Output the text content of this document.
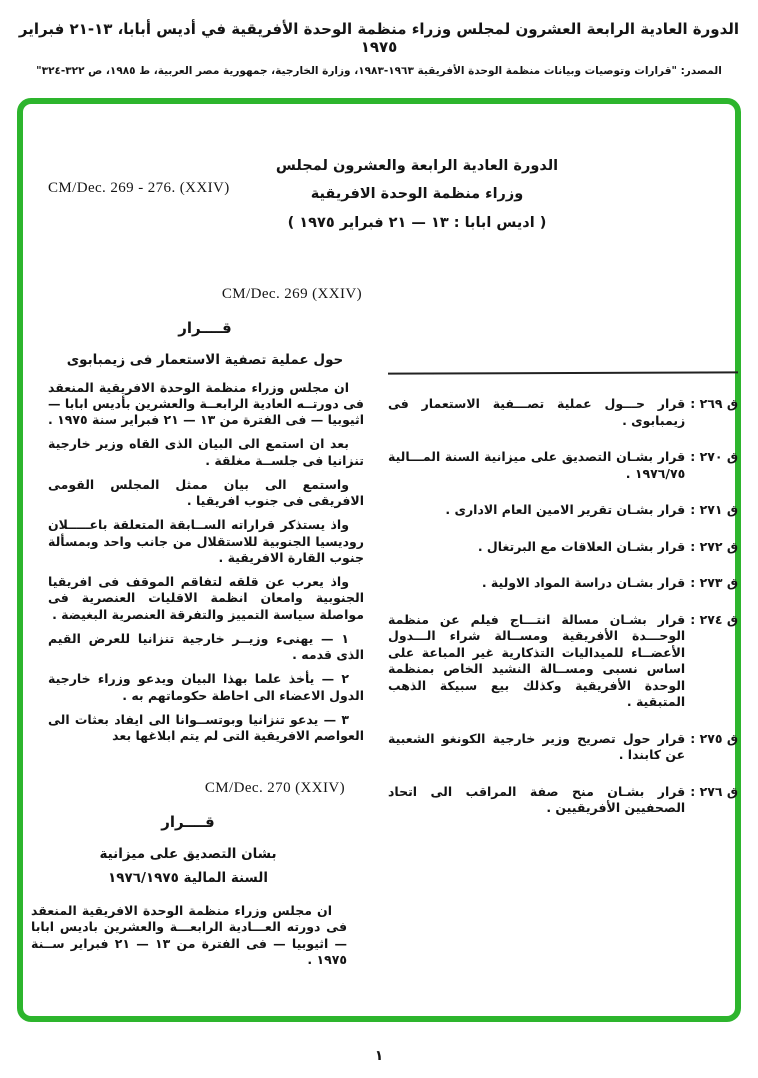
الدورة العادية الرابعة العشرون لمجلس وزراء منظمة الوحدة الأفريقية في أديس أبابا، ١٣-٢١ فبراير ١٩٧٥
المصدر: "قرارات وتوصيات وبيانات منظمة الوحدة الأفريقية ١٩٦٣-١٩٨٣، وزارة الخارجية، جمهورية مصر العربية، ط ١٩٨٥، ص ٣٢٢-٣٢٤"
الدورة العادية الرابعة والعشرون لمجلس
وزراء منظمة الوحدة الافريقية
( اديس ابابا : ١٣ — ٢١ فبراير ١٩٧٥ )
CM/Dec. 269 - 276. (XXIV)
CM/Dec. 269 (XXIV)
قــــرار
حول عملية تصفية الاستعمار فى زيمبابوى
ان مجلس وزراء منظمة الوحدة الافريقية المنعقد فى دورتــه العادية الرابعــة والعشرين بأديس ابابا — اثيوبيا — فى الفترة من ١٣ — ٢١ فبراير سنة ١٩٧٥ .
بعد ان استمع الى البيان الذى القاه وزير خارجية تنزانيا فى جلســة مغلقة .
واستمع الى بيان ممثل المجلس القومى الافريقى فى جنوب افريقيا .
واذ يستذكر قراراته الســابقة المتعلقة باعـــــلان روديسيا الجنوبية للاستقلال من جانب واحد وبمسألة جنوب القارة الافريقية .
واذ يعرب عن قلقه لتفاقم الموقف فى افريقيا الجنوبية وامعان انظمة الاقليات العنصرية فى مواصلة سياسة التمييز والتفرقة العنصرية البغيضة .
١ — يهنىء وزيــر خارجية تنزانيا للعرض القيم الذى قدمه .
٢ — يأخذ علما بهذا البيان ويدعو وزراء خارجية الدول الاعضاء الى احاطة حكوماتهم به .
٣ — يدعو تنزانيا وبوتســوانا الى ايفاد بعثات الى العواصم الافريقية التى لم يتم ابلاغها بعد
CM/Dec. 270 (XXIV)
قــــرار
بشان التصديق على ميزانية
السنة المالية ١٩٧٦/١٩٧٥
ان مجلس وزراء منظمة الوحدة الافريقية المنعقد فى دورته العـــادية الرابعـــة والعشرين باديس ابابا — اثيوبيا — فى الفترة من ١٣ — ٢١ فبراير ســنة ١٩٧٥ .
ق ٢٦٩ :
قرار حـــول عملية تصـــفية الاستعمار فى زيمبابوى .
ق ٢٧٠ :
قرار بشـان التصديق على ميزانية السنة المـــالية ١٩٧٦/٧٥ .
ق ٢٧١ :
قرار بشـان تقرير الامين العام الادارى .
ق ٢٧٢ :
قرار بشـان العلاقات مع البرتغال .
ق ٢٧٣ :
قرار بشـان دراسة المواد الاولية .
ق ٢٧٤ :
قرار بشـان مسالة انتـــاج فيلم عن منظمة الوحـــدة الأفريقية ومســالة شراء الـــدول الأعضــاء للميداليات التذكارية غير المباعة على اساس نسبى ومســالة النشيد الخاص بمنظمة الوحدة الأفريقية وكذلك بيع سبيكة الذهب المتبقية .
ق ٢٧٥ :
قرار حول تصريح وزير خارجية الكونغو الشعبية عن كابندا .
ق ٢٧٦ :
قرار بشـان منح صفة المراقب الى اتحاد الصحفيين الأفريقيين .
١
